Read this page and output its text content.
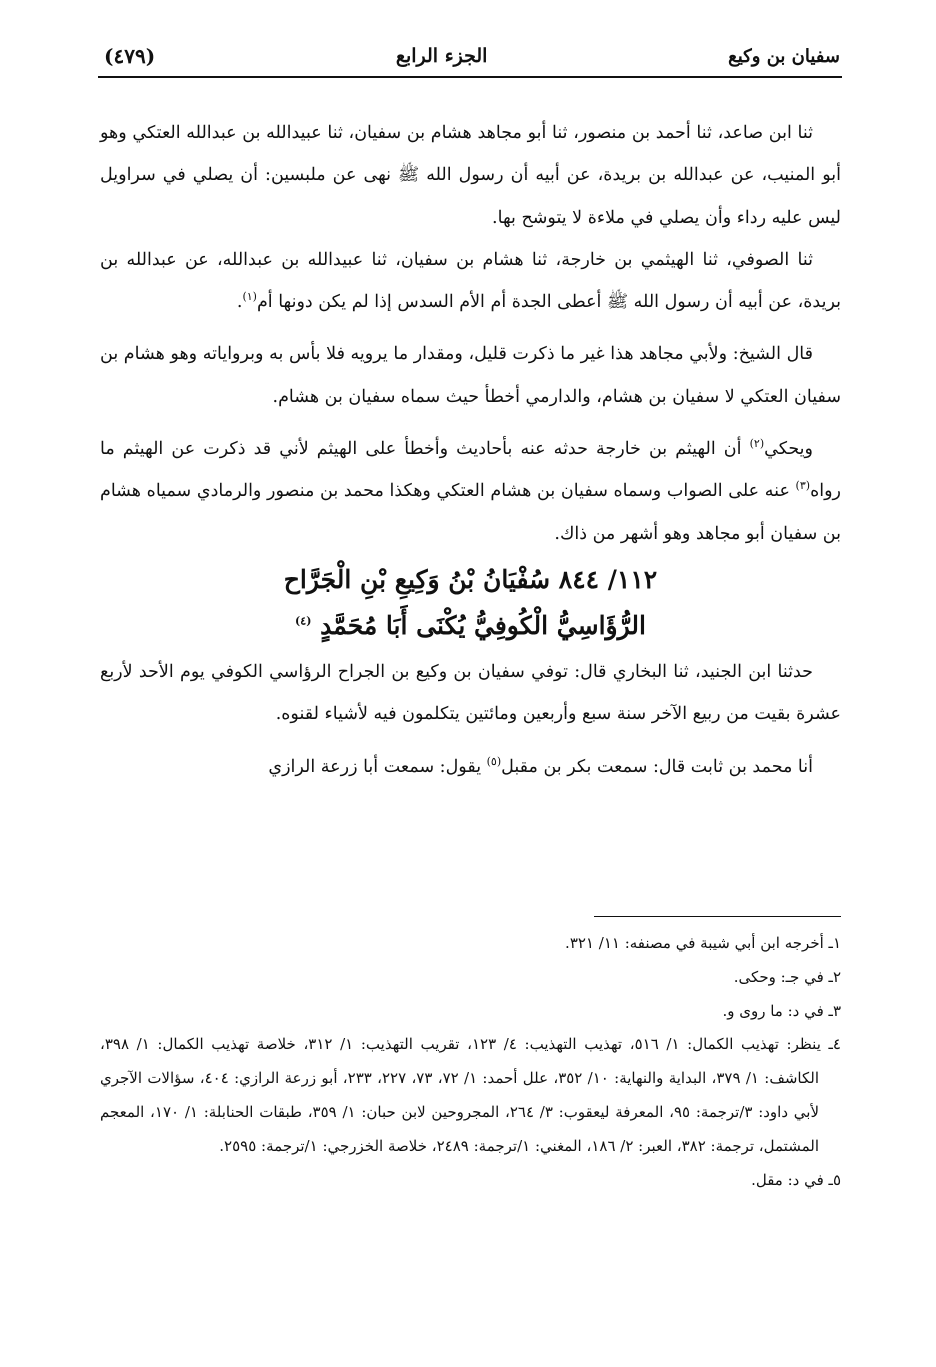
سفيان بن وكيع
الجزء الرابع
(٤٧٩)

ثنا ابن صاعد، ثنا أحمد بن منصور، ثنا أبو مجاهد هشام بن سفيان، ثنا عبيدالله بن عبدالله العتكي وهو أبو المنيب، عن عبدالله بن بريدة، عن أبيه أن رسول الله ﷺ نهى عن ملبسين: أن يصلي في سراويل ليس عليه رداء وأن يصلي في ملاءة لا يتوشح بها.

ثنا الصوفي، ثنا الهيثمي بن خارجة، ثنا هشام بن سفيان، ثنا عبيدالله بن عبدالله، عن عبدالله بن بريدة، عن أبيه أن رسول الله ﷺ أعطى الجدة أم الأم السدس إذا لم يكن دونها أم$^{(١)}$.

قال الشيخ: ولأبي مجاهد هذا غير ما ذكرت قليل، ومقدار ما يرويه فلا بأس به وبرواياته وهو هشام بن سفيان العتكي لا سفيان بن هشام، والدارمي أخطأ حيث سماه سفيان بن هشام.

ويحكي$^{(٢)}$ أن الهيثم بن خارجة حدثه عنه بأحاديث وأخطأ على الهيثم لأني قد ذكرت عن الهيثم ما رواه$^{(٣)}$ عنه على الصواب وسماه سفيان بن هشام العتكي وهكذا محمد بن منصور والرمادي سمياه هشام بن سفيان أبو مجاهد وهو أشهر من ذاك.

١١٢/ ٨٤٤ سُفْيَانُ بْنُ وَكِيعِ بْنِ الْجَرَّاح
الرُّؤَاسِيُّ الْكُوفِيُّ يُكْنَى أَبَا مُحَمَّدٍ $^{(٤)}$

حدثنا ابن الجنيد، ثنا البخاري قال: توفي سفيان بن وكيع بن الجراح الرؤاسي الكوفي يوم الأحد لأربع عشرة بقيت من ربيع الآخر سنة سبع وأربعين ومائتين يتكلمون فيه لأشياء لقنوه.

أنا محمد بن ثابت قال: سمعت بكر بن مقبل$^{(٥)}$ يقول: سمعت أبا زرعة الرازي

١ـ أخرجه ابن أبي شيبة في مصنفه: ١١/ ٣٢١.

٢ـ في جـ: وحكى.

٣ـ في د: ما روى و.

٤ـ ينظر: تهذيب الكمال: ١/ ٥١٦، تهذيب التهذيب: ٤/ ١٢٣، تقريب التهذيب: ١/ ٣١٢، خلاصة تهذيب الكمال: ١/ ٣٩٨، الكاشف: ١/ ٣٧٩، البداية والنهاية: ١٠/ ٣٥٢، علل أحمد: ١/ ٧٢، ٧٣، ٢٢٧، ٢٣٣، أبو زرعة الرازي: ٤٠٤، سؤالات الآجري لأبي داود: ٣/ترجمة: ٩٥، المعرفة ليعقوب: ٣/ ٢٦٤، المجروحين لابن حبان: ١/ ٣٥٩، طبقات الحنابلة: ١/ ١٧٠، المعجم المشتمل، ترجمة: ٣٨٢، العبر: ٢/ ١٨٦، المغني: ١/ترجمة: ٢٤٨٩، خلاصة الخزرجي: ١/ترجمة: ٢٥٩٥.

٥ـ في د: مقل.
